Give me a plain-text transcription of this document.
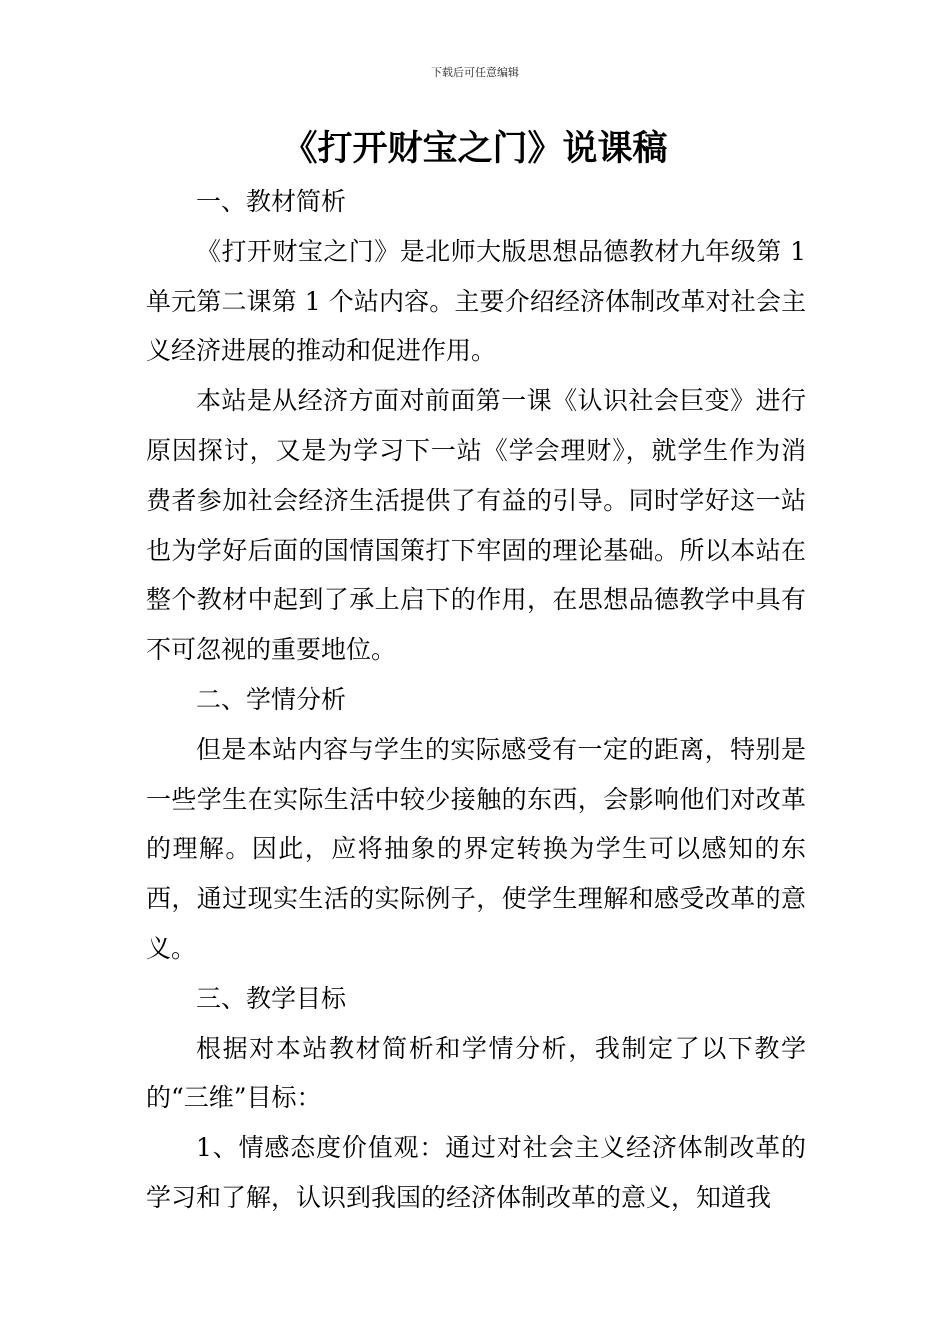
下载后可任意编辑
《打开财宝之门》说课稿

一、教材简析

《打开财宝之门》是北师大版思想品德教材九年级第 1 单元第二课第 1 个站内容。主要介绍经济体制改革对社会主义经济进展的推动和促进作用。

本站是从经济方面对前面第一课《认识社会巨变》进行原因探讨，又是为学习下一站《学会理财》，就学生作为消费者参加社会经济生活提供了有益的引导。同时学好这一站也为学好后面的国情国策打下牢固的理论基础。所以本站在整个教材中起到了承上启下的作用，在思想品德教学中具有不可忽视的重要地位。

二、学情分析

但是本站内容与学生的实际感受有一定的距离，特别是一些学生在实际生活中较少接触的东西，会影响他们对改革的理解。因此，应将抽象的界定转换为学生可以感知的东西，通过现实生活的实际例子，使学生理解和感受改革的意义。

三、教学目标

根据对本站教材简析和学情分析，我制定了以下教学的“三维”目标：

1、情感态度价值观：通过对社会主义经济体制改革的学习和了解，认识到我国的经济体制改革的意义，知道我
